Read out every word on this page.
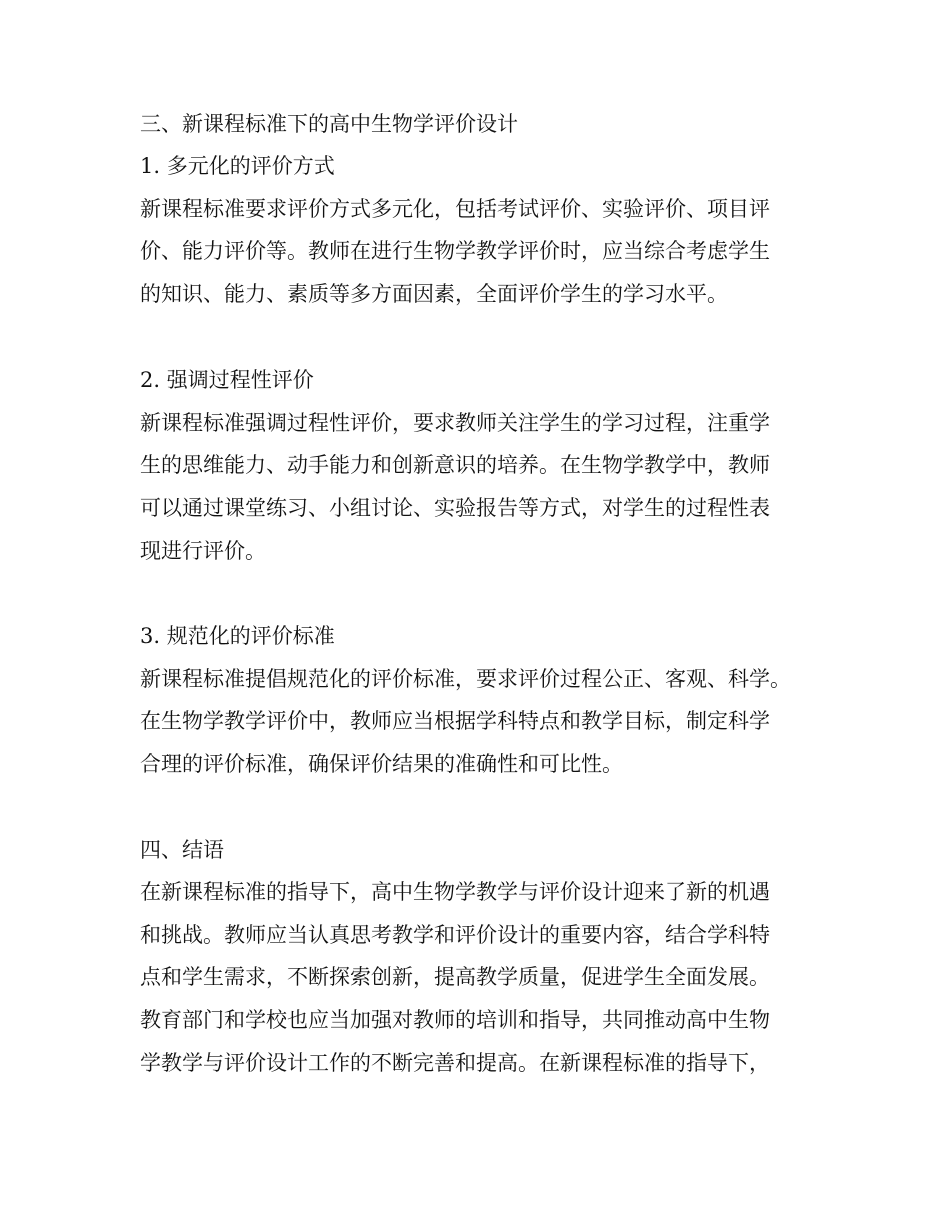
三、新课程标准下的高中生物学评价设计
1. 多元化的评价方式
新课程标准要求评价方式多元化，包括考试评价、实验评价、项目评
价、能力评价等。教师在进行生物学教学评价时，应当综合考虑学生
的知识、能力、素质等多方面因素，全面评价学生的学习水平。
2. 强调过程性评价
新课程标准强调过程性评价，要求教师关注学生的学习过程，注重学
生的思维能力、动手能力和创新意识的培养。在生物学教学中，教师
可以通过课堂练习、小组讨论、实验报告等方式，对学生的过程性表
现进行评价。
3. 规范化的评价标准
新课程标准提倡规范化的评价标准，要求评价过程公正、客观、科学。
在生物学教学评价中，教师应当根据学科特点和教学目标，制定科学
合理的评价标准，确保评价结果的准确性和可比性。
四、结语
在新课程标准的指导下，高中生物学教学与评价设计迎来了新的机遇
和挑战。教师应当认真思考教学和评价设计的重要内容，结合学科特
点和学生需求，不断探索创新，提高教学质量，促进学生全面发展。
教育部门和学校也应当加强对教师的培训和指导，共同推动高中生物
学教学与评价设计工作的不断完善和提高。在新课程标准的指导下，
